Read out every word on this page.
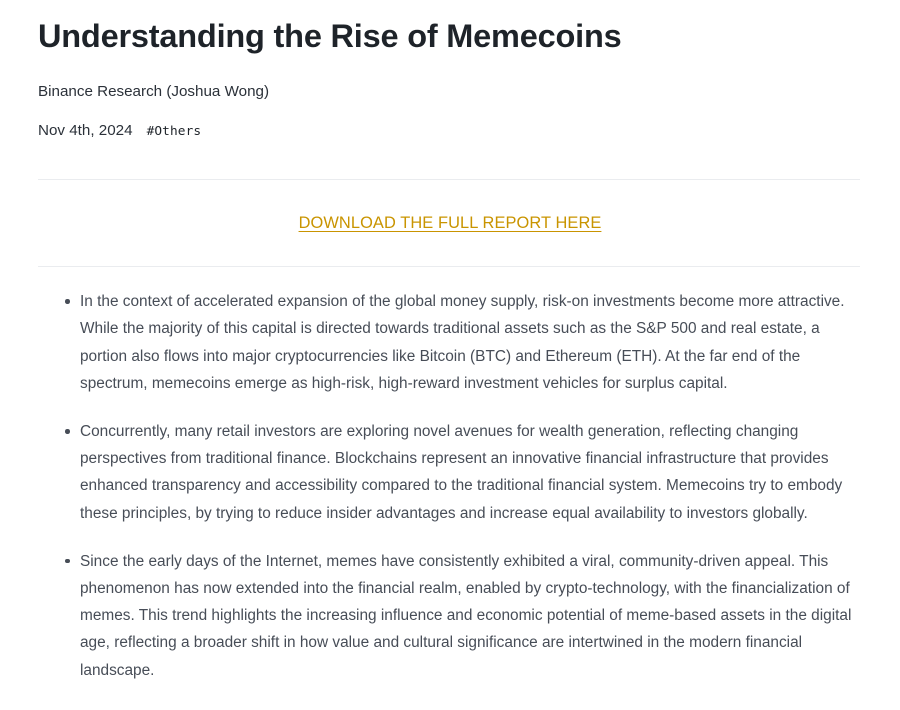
Understanding the Rise of Memecoins

Binance Research (Joshua Wong)

Nov 4th, 2024 #Others
DOWNLOAD THE FULL REPORT HERE
In the context of accelerated expansion of the global money supply, risk-on investments become more attractive. While the majority of this capital is directed towards traditional assets such as the S&P 500 and real estate, a portion also flows into major cryptocurrencies like Bitcoin (BTC) and Ethereum (ETH). At the far end of the spectrum, memecoins emerge as high-risk, high-reward investment vehicles for surplus capital.
Concurrently, many retail investors are exploring novel avenues for wealth generation, reflecting changing perspectives from traditional finance. Blockchains represent an innovative financial infrastructure that provides enhanced transparency and accessibility compared to the traditional financial system. Memecoins try to embody these principles, by trying to reduce insider advantages and increase equal availability to investors globally.
Since the early days of the Internet, memes have consistently exhibited a viral, community-driven appeal. This phenomenon has now extended into the financial realm, enabled by crypto-technology, with the financialization of memes. This trend highlights the increasing influence and economic potential of meme-based assets in the digital age, reflecting a broader shift in how value and cultural significance are intertwined in the modern financial landscape.
